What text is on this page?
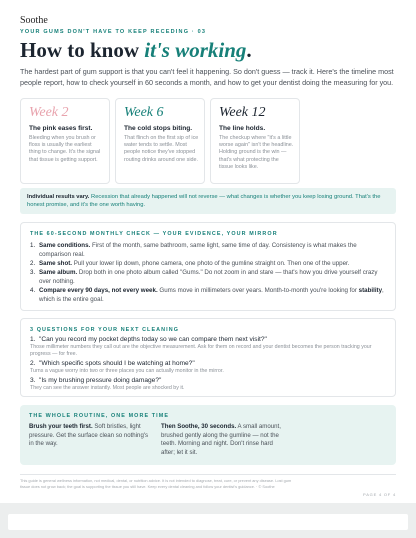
Soothe
YOUR GUMS DON'T HAVE TO KEEP RECEDING · 03
How to know it's working.

The hardest part of gum support is that you can't feel it happening. So don't guess — track it. Here's the timeline most people report, how to check yourself in 60 seconds a month, and how to get your dentist doing the measuring for you.

Week 2
The pink eases first.
Bleeding when you brush or floss is usually the earliest thing to change. It's the signal that tissue is getting support.
Week 6
The cold stops biting.
That flinch on the first sip of ice water tends to settle. Most people notice they've stopped routing drinks around one side.
Week 12
The line holds.
The checkup where "it's a little worse again" isn't the headline. Holding ground is the win — that's what protecting the tissue looks like.
Individual results vary. Recession that already happened will not reverse — what changes is whether you keep losing ground. That's the honest promise, and it's the one worth having.
THE 60-SECOND MONTHLY CHECK — YOUR EVIDENCE, YOUR MIRROR
1. Same conditions. First of the month, same bathroom, same light, same time of day. Consistency is what makes the comparison real.
2. Same shot. Pull your lower lip down, phone camera, one photo of the gumline straight on. Then one of the upper.
3. Same album. Drop both in one photo album called "Gums." Do not zoom in and stare — that's how you drive yourself crazy over nothing.
4. Compare every 90 days, not every week. Gums move in millimeters over years. Month-to-month you're looking for stability, which is the entire goal.
3 QUESTIONS FOR YOUR NEXT CLEANING
1. "Can you record my pocket depths today so we can compare them next visit?"
Those millimeter numbers they call out are the objective measurement. Ask for them on record and your dentist becomes the person tracking your progress — for free.
2. "Which specific spots should I be watching at home?"
Turns a vague worry into two or three places you can actually monitor in the mirror.
3. "Is my brushing pressure doing damage?"
They can see the answer instantly. Most people are shocked by it.
THE WHOLE ROUTINE, ONE MORE TIME
Brush your teeth first. Soft bristles, light pressure. Get the surface clean so nothing's in the way.
Then Soothe, 30 seconds. A small amount, brushed gently along the gumline — not the teeth. Morning and night. Don't rinse hard after; let it sit.
This guide is general wellness information, not medical, dental, or nutrition advice. It is not intended to diagnose, treat, cure, or prevent any disease. Lost gum tissue does not grow back; the goal is supporting the tissue you still have. Keep every dental cleaning and follow your dentist's guidance. · © Soothe
PAGE 4 OF 4
